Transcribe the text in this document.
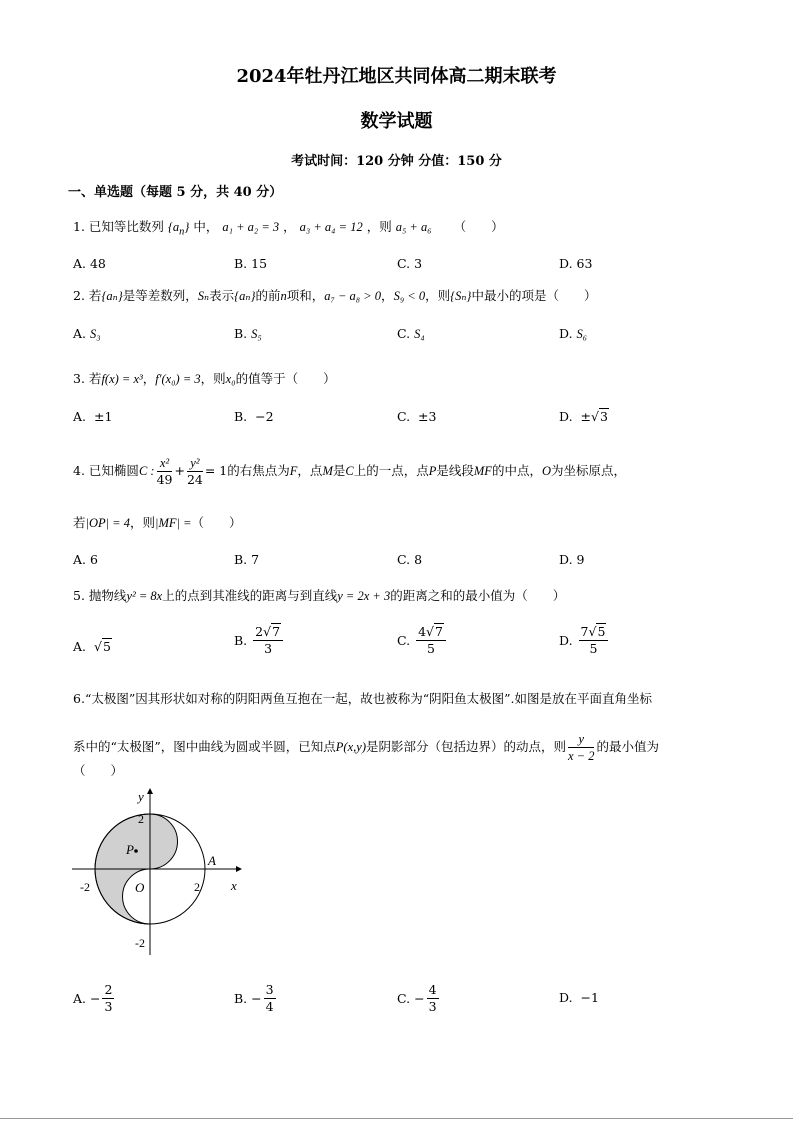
2024年牡丹江地区共同体高二期末联考
数学试题
考试时间：120 分钟 分值：150 分
一、单选题（每题 5 分，共 40 分）
1. 已知等比数列 $\{a_n\}$ 中， a₁ + a₂ = 3 ， a₃ + a₄ = 12 ，则 a₅ + a₆ （　　）
A. 48	B. 15	C. 3	D. 63
2. 若{aₙ}是等差数列，Sₙ表示{aₙ}的前n项和，a₇ − a₈ > 0，S₉ < 0，则{Sₙ}中最小的项是（　　）
A. S₃	B. S₅	C. S₄	D. S₆
3. 若f(x) = x³，f′(x₀) = 3，则x₀的值等于（　　）
A. ±1	B. −2	C. ±3	D. ±√3
4. 已知椭圆C : $\frac{\text{x²}}{49} + \frac{\text{y²}}{24} = 1$的右焦点为F，点M是C上的一点，点P是线段MF的中点，O为坐标原点，
若|OP| = 4，则|MF| =（　　）
A. 6	B. 7	C. 8	D. 9
5. 抛物线y² = 8x上的点到其准线的距离与到直线y = 2x + 3的距离之和的最小值为（　　）
A.  √5	B. $\frac{2√7}{3}$	C. $\frac{4√7}{5}$	D. $\frac{7√5}{5}$
6.“太极图”因其形状如对称的阴阳两鱼互抱在一起，故也被称为“阴阳鱼太极图”.如图是放在平面直角坐标
系中的“太极图”，图中曲线为圆或半圆，已知点P(x,y)是阴影部分（包括边界）的动点，则 $\frac{y}{x - 2}$ 的最小值为
（　　）
P
y
x
2
-2
-2	2
O
A
A. − $\frac{2}{3}$	B. − $\frac{3}{4}$	C. − $\frac{4}{3}$	D. −1
